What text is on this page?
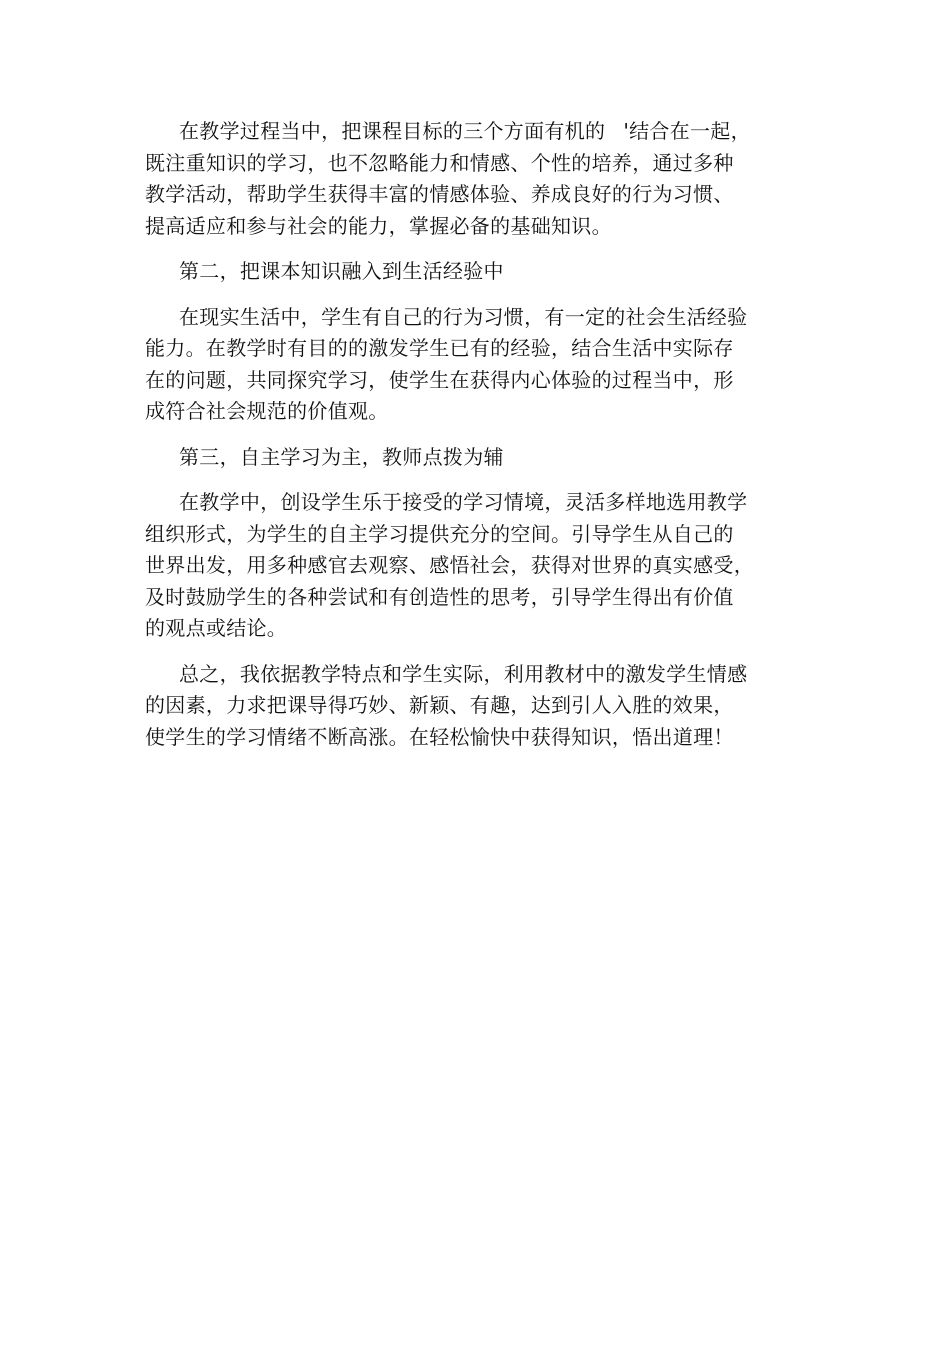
在教学过程当中，把课程目标的三个方面有机的 '结合在一起，
既注重知识的学习，也不忽略能力和情感、个性的培养，通过多种
教学活动，帮助学生获得丰富的情感体验、养成良好的行为习惯、
提高适应和参与社会的能力，掌握必备的基础知识。
第二，把课本知识融入到生活经验中
在现实生活中，学生有自己的行为习惯，有一定的社会生活经验
能力。在教学时有目的的激发学生已有的经验，结合生活中实际存
在的问题，共同探究学习，使学生在获得内心体验的过程当中，形
成符合社会规范的价值观。
第三，自主学习为主，教师点拨为辅
在教学中，创设学生乐于接受的学习情境，灵活多样地选用教学
组织形式，为学生的自主学习提供充分的空间。引导学生从自己的
世界出发，用多种感官去观察、感悟社会，获得对世界的真实感受，
及时鼓励学生的各种尝试和有创造性的思考，引导学生得出有价值
的观点或结论。
总之，我依据教学特点和学生实际，利用教材中的激发学生情感
的因素，力求把课导得巧妙、新颖、有趣，达到引人入胜的效果，
使学生的学习情绪不断高涨。在轻松愉快中获得知识，悟出道理！
